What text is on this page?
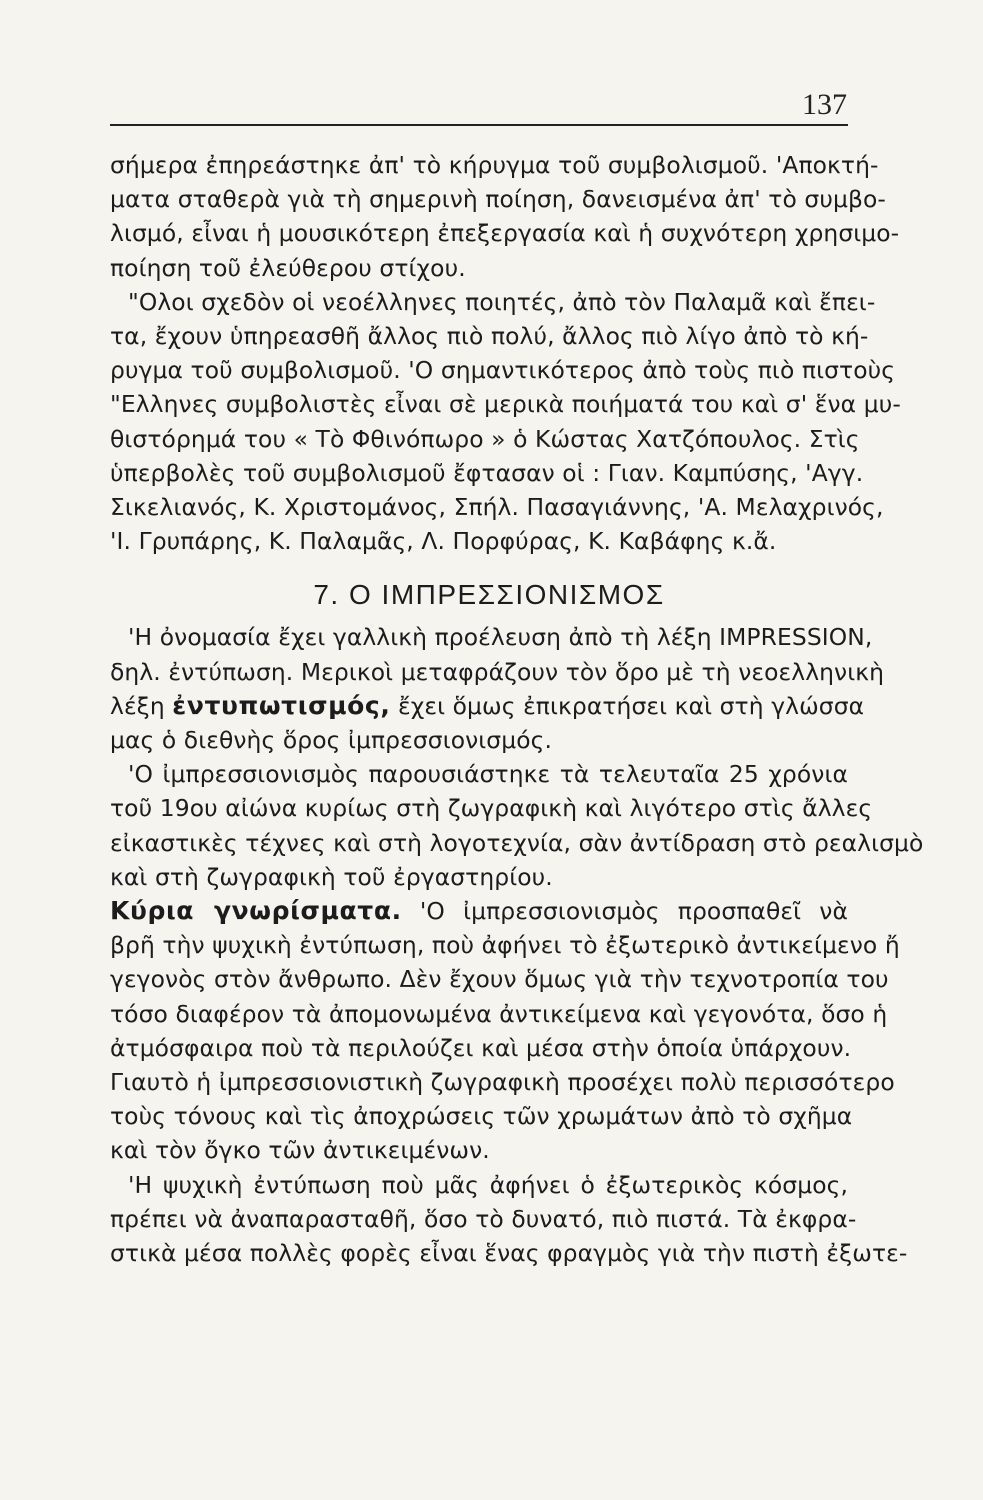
137

σήμερα ἐπηρεάστηκε ἀπ' τὸ κήρυγμα τοῦ συμβολισμοῦ. 'Αποκτή-
ματα σταθερὰ γιὰ τὴ σημερινὴ ποίηση, δανεισμένα ἀπ' τὸ συμβο-
λισμό, εἶναι ἡ μουσικότερη ἐπεξεργασία καὶ ἡ συχνότερη χρησιμο-
ποίηση τοῦ ἐλεύθερου στίχου.

"Ολοι σχεδὸν οἱ νεοέλληνες ποιητές, ἀπὸ τὸν Παλαμᾶ καὶ ἔπει-
τα, ἔχουν ὑπηρεασθῆ ἄλλος πιὸ πολύ, ἄλλος πιὸ λίγο ἀπὸ τὸ κή-
ρυγμα τοῦ συμβολισμοῦ. 'Ο σημαντικότερος ἀπὸ τοὺς πιὸ πιστοὺς
"Ελληνες συμβολιστὲς εἶναι σὲ μερικὰ ποιήματά του καὶ σ' ἕνα μυ-
θιστόρημά του « Τὸ Φθινόπωρο » ὁ Κώστας Χατζόπουλος. Στὶς
ὑπερβολὲς τοῦ συμβολισμοῦ ἔφτασαν οἱ : Γιαν. Καμπύσης, 'Αγγ.
Σικελιανός, Κ. Χριστομάνος, Σπήλ. Πασαγιάννης, 'Α. Μελαχρινός,
'Ι. Γρυπάρης, Κ. Παλαμᾶς, Λ. Πορφύρας, Κ. Καβάφης κ.ἄ.

7. Ο ΙΜΠΡΕΣΣΙΟΝΙΣΜΟΣ

'Η ὀνομασία ἔχει γαλλικὴ προέλευση ἀπὸ τὴ λέξη IMPRESSION,
δηλ. ἐντύπωση. Μερικοὶ μεταφράζουν τὸν ὅρο μὲ τὴ νεοελληνικὴ
λέξη ἐντυπωτισμός, ἔχει ὅμως ἐπικρατήσει καὶ στὴ γλώσσα
μας ὁ διεθνὴς ὅρος ἰμπρεσσιονισμός.

'Ο ἰμπρεσσιονισμὸς παρουσιάστηκε τὰ τελευταῖα 25 χρόνια
τοῦ 19ου αἰώνα κυρίως στὴ ζωγραφικὴ καὶ λιγότερο στὶς ἄλλες
εἰκαστικὲς τέχνες καὶ στὴ λογοτεχνία, σὰν ἀντίδραση στὸ ρεαλισμὸ
καὶ στὴ ζωγραφικὴ τοῦ ἐργαστηρίου.

Κύρια γνωρίσματα. 'Ο ἰμπρεσσιονισμὸς προσπαθεῖ νὰ
βρῆ τὴν ψυχικὴ ἐντύπωση, ποὺ ἀφήνει τὸ ἐξωτερικὸ ἀντικείμενο ἤ
γεγονὸς στὸν ἄνθρωπο. Δὲν ἔχουν ὅμως γιὰ τὴν τεχνοτροπία του
τόσο διαφέρον τὰ ἀπομονωμένα ἀντικείμενα καὶ γεγονότα, ὅσο ἡ
ἀτμόσφαιρα ποὺ τὰ περιλούζει καὶ μέσα στὴν ὁποία ὑπάρχουν.
Γιαυτὸ ἡ ἰμπρεσσιονιστικὴ ζωγραφικὴ προσέχει πολὺ περισσότερο
τοὺς τόνους καὶ τὶς ἀποχρώσεις τῶν χρωμάτων ἀπὸ τὸ σχῆμα
καὶ τὸν ὄγκο τῶν ἀντικειμένων.

'Η ψυχικὴ ἐντύπωση ποὺ μᾶς ἀφήνει ὁ ἐξωτερικὸς κόσμος,
πρέπει νὰ ἀναπαρασταθῆ, ὅσο τὸ δυνατό, πιὸ πιστά. Τὰ ἐκφρα-
στικὰ μέσα πολλὲς φορὲς εἶναι ἕνας φραγμὸς γιὰ τὴν πιστὴ ἐξωτε-
